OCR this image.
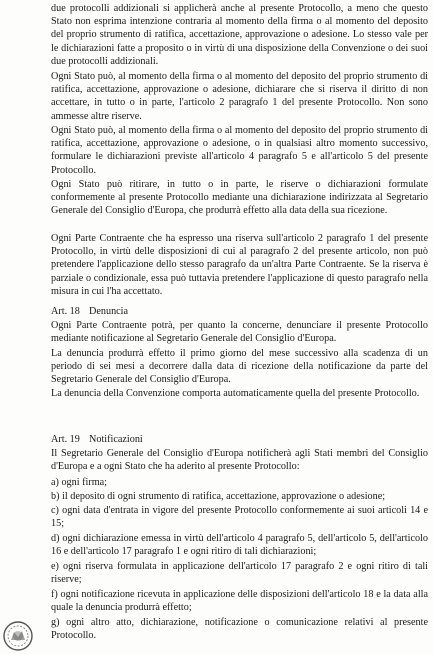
due protocolli addizionali si applicherà anche al presente Protocollo, a meno che questo Stato non esprima intenzione contraria al momento della firma o al momento del deposito del proprio strumento di ratifica, accettazione, approvazione o adesione. Lo stesso vale per le dichiarazioni fatte a proposito o in virtù di una disposizione della Convenzione o dei suoi due protocolli addizionali.

Ogni Stato può, al momento della firma o al momento del deposito del proprio strumento di ratifica, accettazione, approvazione o adesione, dichiarare che si riserva il diritto di non accettare, in tutto o in parte, l'articolo 2 paragrafo 1 del presente Protocollo. Non sono ammesse altre riserve.

Ogni Stato può, al momento della firma o al momento del deposito del proprio strumento di ratifica, accettazione, approvazione o adesione, o in qualsiasi altro momento successivo, formulare le dichiarazioni previste all'articolo 4 paragrafo 5 e all'articolo 5 del presente Protocollo.

Ogni Stato può ritirare, in tutto o in parte, le riserve o dichiarazioni formulate conformemente al presente Protocollo mediante una dichiarazione indirizzata al Segretario Generale del Consiglio d'Europa, che produrrà effetto alla data della sua ricezione.

Ogni Parte Contraente che ha espresso una riserva sull'articolo 2 paragrafo 1 del presente Protocollo, in virtù delle disposizioni di cui al paragrafo 2 del presente articolo, non può pretendere l'applicazione dello stesso paragrafo da un'altra Parte Contraente. Se la riserva è parziale o condizionale, essa può tuttavia pretendere l'applicazione di questo paragrafo nella misura in cui l'ha accettato.

Art. 18 Denuncia

Ogni Parte Contraente potrà, per quanto la concerne, denunciare il presente Protocollo mediante notificazione al Segretario Generale del Consiglio d'Europa.

La denuncia produrrà effetto il primo giorno del mese successivo alla scadenza di un periodo di sei mesi a decorrere dalla data di ricezione della notificazione da parte del Segretario Generale del Consiglio d'Europa.

La denuncia della Convenzione comporta automaticamente quella del presente Protocollo.

Art. 19 Notificazioni

Il Segretario Generale del Consiglio d'Europa notificherà agli Stati membri del Consiglio d'Europa e a ogni Stato che ha aderito al presente Protocollo:

a) ogni firma;

b) il deposito di ogni strumento di ratifica, accettazione, approvazione o adesione;

c) ogni data d'entrata in vigore del presente Protocollo conformemente ai suoi articoli 14 e 15;

d) ogni dichiarazione emessa in virtù dell'articolo 4 paragrafo 5, dell'articolo 5, dell'articolo 16 e dell'articolo 17 paragrafo 1 e ogni ritiro di tali dichiarazioni;

e) ogni riserva formulata in applicazione dell'articolo 17 paragrafo 2 e ogni ritiro di tali riserve;

f) ogni notificazione ricevuta in applicazione delle disposizioni dell'articolo 18 e la data alla quale la denuncia produrrà effetto;

g) ogni altro atto, dichiarazione, notificazione o comunicazione relativi al presente Protocollo.
